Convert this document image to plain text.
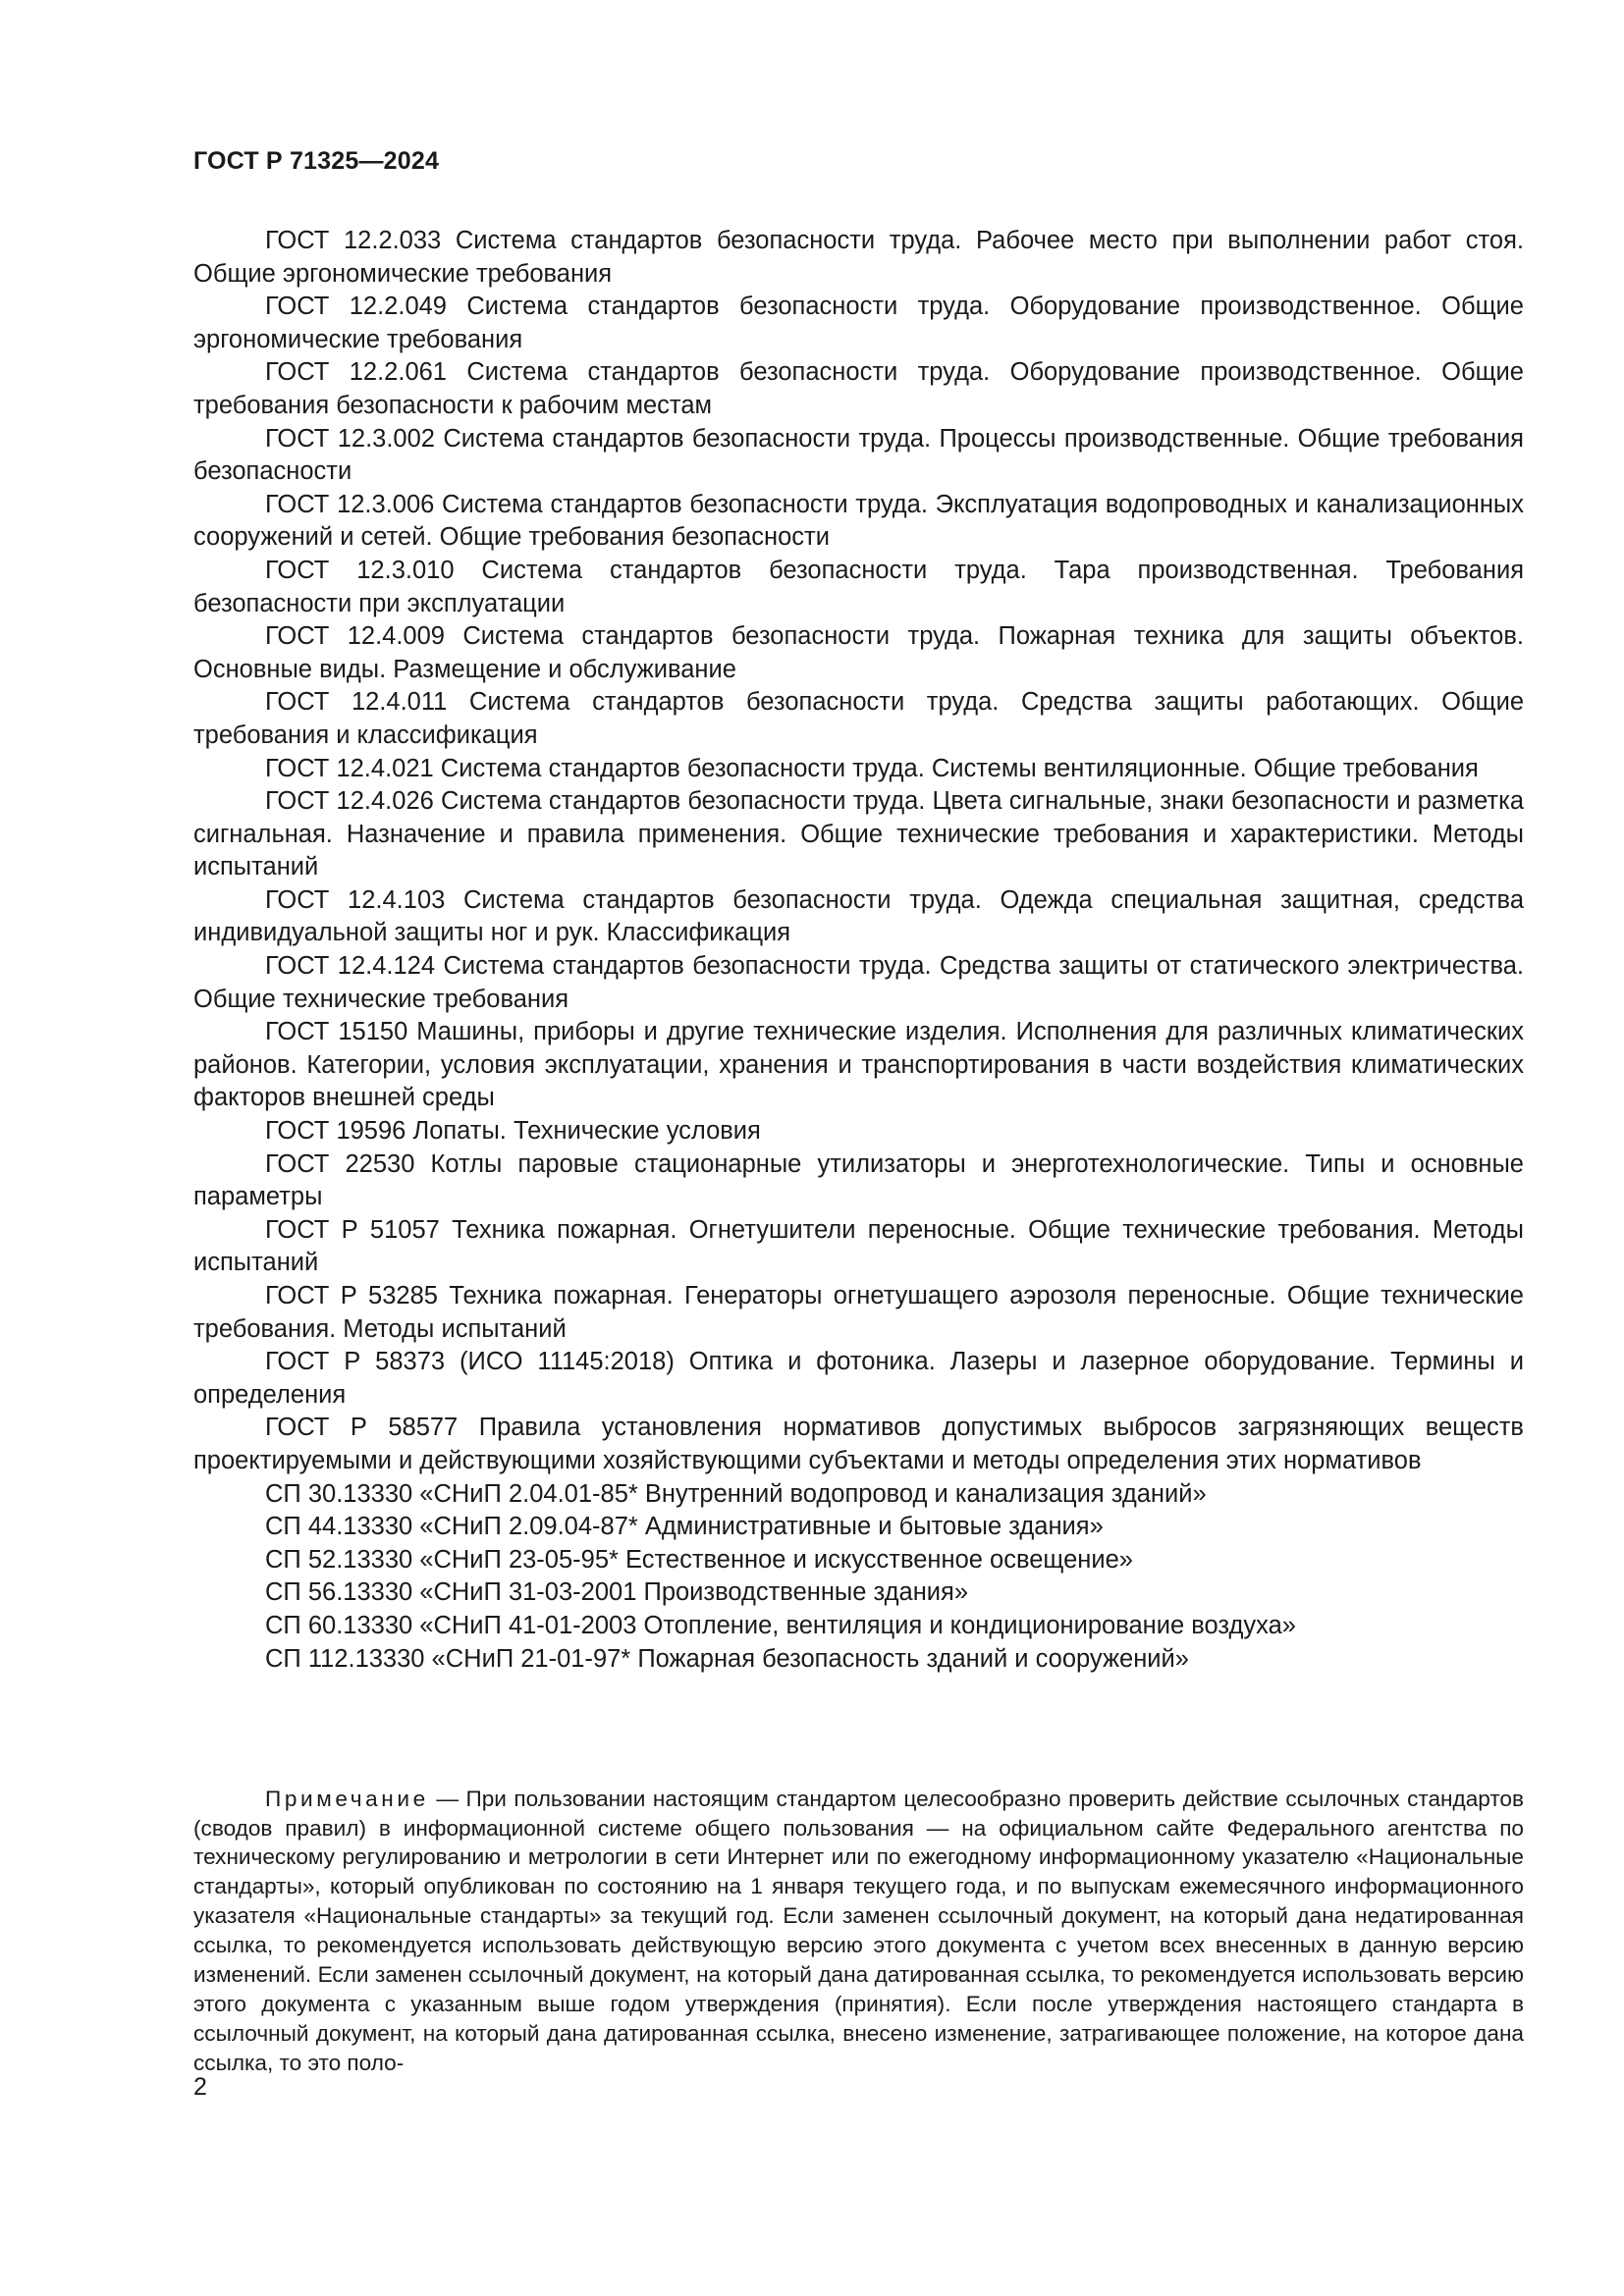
ГОСТ Р 71325—2024

ГОСТ 12.2.033 Система стандартов безопасности труда. Рабочее место при выполнении работ стоя. Общие эргономические требования

ГОСТ 12.2.049 Система стандартов безопасности труда. Оборудование производственное. Общие эргономические требования

ГОСТ 12.2.061 Система стандартов безопасности труда. Оборудование производственное. Общие требования безопасности к рабочим местам

ГОСТ 12.3.002 Система стандартов безопасности труда. Процессы производственные. Общие требования безопасности

ГОСТ 12.3.006 Система стандартов безопасности труда. Эксплуатация водопроводных и канализационных сооружений и сетей. Общие требования безопасности

ГОСТ 12.3.010 Система стандартов безопасности труда. Тара производственная. Требования безопасности при эксплуатации

ГОСТ 12.4.009 Система стандартов безопасности труда. Пожарная техника для защиты объектов. Основные виды. Размещение и обслуживание

ГОСТ 12.4.011 Система стандартов безопасности труда. Средства защиты работающих. Общие требования и классификация

ГОСТ 12.4.021 Система стандартов безопасности труда. Системы вентиляционные. Общие требования

ГОСТ 12.4.026 Система стандартов безопасности труда. Цвета сигнальные, знаки безопасности и разметка сигнальная. Назначение и правила применения. Общие технические требования и характеристики. Методы испытаний

ГОСТ 12.4.103 Система стандартов безопасности труда. Одежда специальная защитная, средства индивидуальной защиты ног и рук. Классификация

ГОСТ 12.4.124 Система стандартов безопасности труда. Средства защиты от статического электричества. Общие технические требования

ГОСТ 15150 Машины, приборы и другие технические изделия. Исполнения для различных климатических районов. Категории, условия эксплуатации, хранения и транспортирования в части воздействия климатических факторов внешней среды

ГОСТ 19596 Лопаты. Технические условия

ГОСТ 22530 Котлы паровые стационарные утилизаторы и энерготехнологические. Типы и основные параметры

ГОСТ Р 51057 Техника пожарная. Огнетушители переносные. Общие технические требования. Методы испытаний

ГОСТ Р 53285 Техника пожарная. Генераторы огнетушащего аэрозоля переносные. Общие технические требования. Методы испытаний

ГОСТ Р 58373 (ИСО 11145:2018) Оптика и фотоника. Лазеры и лазерное оборудование. Термины и определения

ГОСТ Р 58577 Правила установления нормативов допустимых выбросов загрязняющих веществ проектируемыми и действующими хозяйствующими субъектами и методы определения этих нормативов

СП 30.13330 «СНиП 2.04.01-85* Внутренний водопровод и канализация зданий»

СП 44.13330 «СНиП 2.09.04-87* Административные и бытовые здания»

СП 52.13330 «СНиП 23-05-95* Естественное и искусственное освещение»

СП 56.13330 «СНиП 31-03-2001 Производственные здания»

СП 60.13330 «СНиП 41-01-2003 Отопление, вентиляция и кондиционирование воздуха»

СП 112.13330 «СНиП 21-01-97* Пожарная безопасность зданий и сооружений»

Примечание — При пользовании настоящим стандартом целесообразно проверить действие ссылочных стандартов (сводов правил) в информационной системе общего пользования — на официальном сайте Федерального агентства по техническому регулированию и метрологии в сети Интернет или по ежегодному информационному указателю «Национальные стандарты», который опубликован по состоянию на 1 января текущего года, и по выпускам ежемесячного информационного указателя «Национальные стандарты» за текущий год. Если заменен ссылочный документ, на который дана недатированная ссылка, то рекомендуется использовать действующую версию этого документа с учетом всех внесенных в данную версию изменений. Если заменен ссылочный документ, на который дана датированная ссылка, то рекомендуется использовать версию этого документа с указанным выше годом утверждения (принятия). Если после утверждения настоящего стандарта в ссылочный документ, на который дана датированная ссылка, внесено изменение, затрагивающее положение, на которое дана ссылка, то это поло-

2
